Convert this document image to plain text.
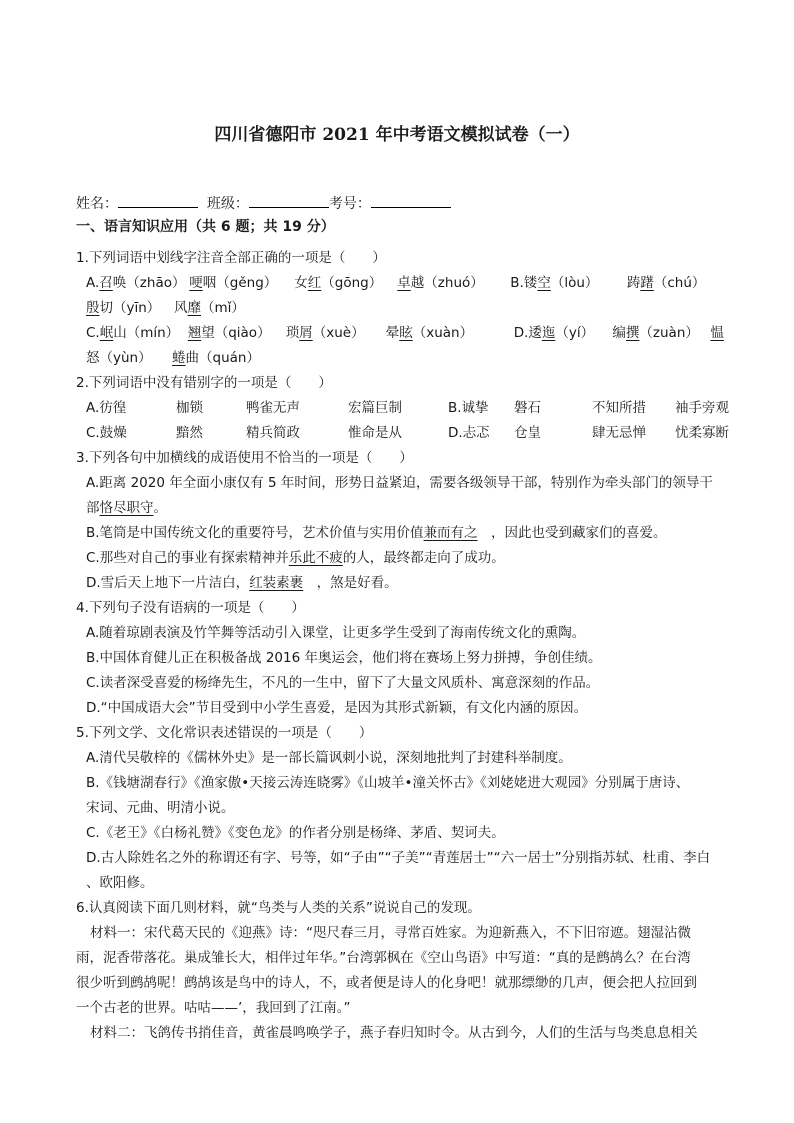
四川省德阳市 2021 年中考语文模拟试卷（一）
姓名：	班级：	考号：
一、语言知识应用（共 6 题；共 19 分）
1.下列词语中划线字注音全部正确的一项是（　　）
A.召唤（zhāo） 哽咽（gěng） 女红（gōng） 卓越（zhuó） B.镂空（lòu） 踌躇（chú）
殷切（yīn） 风靡（mǐ）
C.岷山（mín） 翘望（qiào） 琐屑（xuè） 晕眩（xuàn）	D.逶迤（yí） 编撰（zuàn） 愠
怒（yùn） 蜷曲（quán）
2.下列词语中没有错别字的一项是（　　）
A.彷徨	枷锁	鸭雀无声	宏篇巨制	B.诚挚 磐石	不知所措 袖手旁观
C.鼓燥	黯然	精兵简政	惟命是从	D.忐忑 仓皇	肆无忌惮 忧柔寡断
3.下列各句中加横线的成语使用不恰当的一项是（　　）
A.距离 2020 年全面小康仅有 5 年时间，形势日益紧迫，需要各级领导干部，特别作为牵头部门的领导干
部恪尽职守。
B.笔筒是中国传统文化的重要符号，艺术价值与实用价值兼而有之　，因此也受到藏家们的喜爱。
C.那些对自己的事业有探索精神并乐此不疲的人，最终都走向了成功。
D.雪后天上地下一片洁白，红装素裹　，煞是好看。
4.下列句子没有语病的一项是（　　）
A.随着琼剧表演及竹竿舞等活动引入课堂，让更多学生受到了海南传统文化的熏陶。
B.中国体育健儿正在积极备战 2016 年奥运会，他们将在赛场上努力拼搏，争创佳绩。
C.读者深受喜爱的杨绛先生，不凡的一生中，留下了大量文风质朴、寓意深刻的作品。
D.“中国成语大会”节目受到中小学生喜爱，是因为其形式新颖，有文化内涵的原因。
5.下列文学、文化常识表述错误的一项是（　　）
A.清代吴敬梓的《儒林外史》是一部长篇讽刺小说，深刻地批判了封建科举制度。
B.《钱塘湖春行》《渔家傲•天接云涛连晓雾》《山坡羊•潼关怀古》《刘姥姥进大观园》分别属于唐诗、
宋词、元曲、明清小说。
C.《老王》《白杨礼赞》《变色龙》的作者分别是杨绛、茅盾、契诃夫。
D.古人除姓名之外的称谓还有字、号等，如“子由”“子美”“青莲居士”“六一居士”分别指苏轼、杜甫、李白
、欧阳修。
6.认真阅读下面几则材料，就“鸟类与人类的关系”说说自己的发现。
材料一：宋代葛天民的《迎燕》诗：“咫尺春三月，寻常百姓家。为迎新燕入，不下旧帘遮。翅湿沾微
雨，泥香带落花。巢成雏长大，相伴过年华。”台湾郭枫在《空山鸟语》中写道：“真的是鹧鸪么？在台湾
很少听到鹧鸪呢！鹧鸪该是鸟中的诗人，不，或者便是诗人的化身吧！就那缥缈的几声，便会把人拉回到
一个古老的世界。咕咕——’，我回到了江南。”
材料二：飞鸽传书捎佳音，黄雀晨鸣唤学子，燕子春归知时令。从古到今，人们的生活与鸟类息息相关
